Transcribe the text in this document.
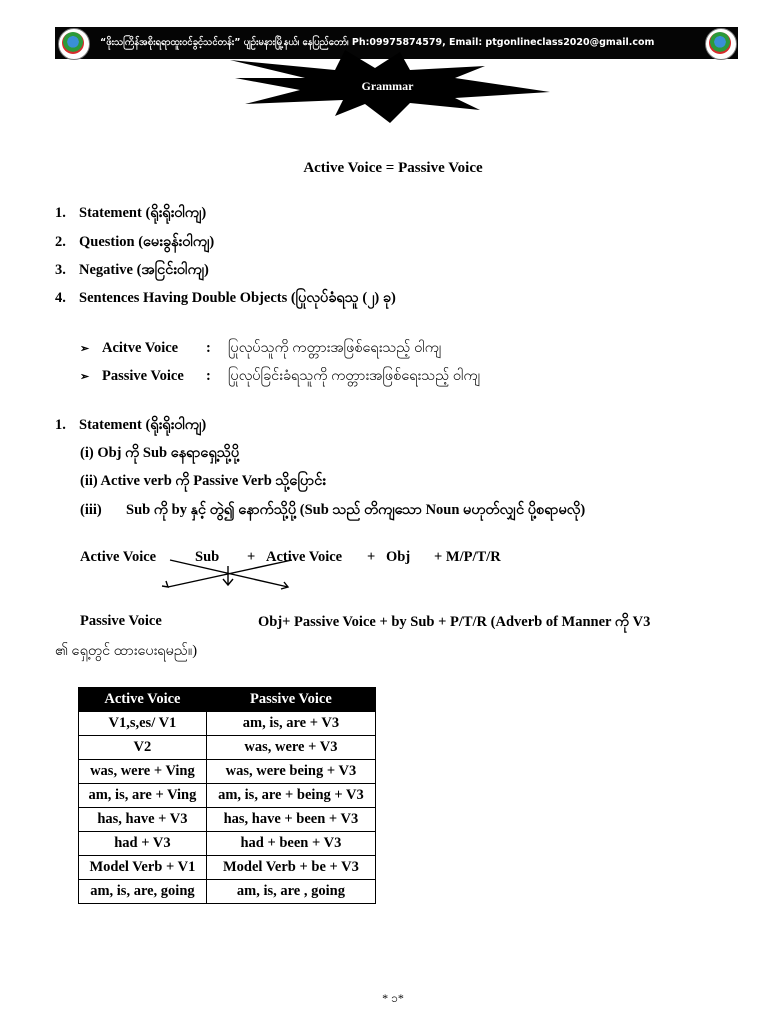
“ဖိုးသကြိန်အစိုးရရာထူးဝင်ခွင့်သင်တန်း” ပျဉ်းမနားမြို့နယ်၊ နေပြည်တော်၊ Ph:09975874579, Email: ptgonlineclass2020@gmail.com
Grammar
Active Voice = Passive Voice
1. Statement (ရိုးရိုးဝါကျ)
2. Question (မေးခွန်းဝါကျ)
3. Negative (အငြင်းဝါကျ)
4. Sentences Having Double Objects (ပြုလုပ်ခံရသူ (၂) ခု)
➢ Acitve Voice : ပြုလုပ်သူကို ကတ္တားအဖြစ်ရေးသည့် ဝါကျ
➢ Passive Voice : ပြုလုပ်ခြင်းခံရသူကို ကတ္တားအဖြစ်ရေးသည့် ဝါကျ
1. Statement (ရိုးရိုးဝါကျ)
(i) Obj ကို Sub နေရာရှေ့သို့ပို့
(ii) Active verb ကို Passive Verb သို့ပြောင်း
(iii) Sub ကို by နှင့် တွဲ၍ နောက်သို့ပို့ (Sub သည် တိကျသော Noun မဟုတ်လျှင် ပို့စရာမလို)
Active Voice	Sub + Active Voice + Obj + M/P/T/R
Passive Voice	Obj+ Passive Voice + by Sub + P/T/R (Adverb of Manner ကို V3
၏ ရှေ့တွင် ထားပေးရမည်။)
Active Voice	Passive Voice
V1,s,es/ V1	am, is, are + V3
V2	was, were + V3
was, were + Ving	was, were being + V3
am, is, are + Ving	am, is, are + being + V3
has, have + V3	has, have + been + V3
had + V3	had + been + V3
Model Verb + V1	Model Verb + be + V3
am, is, are, going	am, is, are , going
* ၁*
